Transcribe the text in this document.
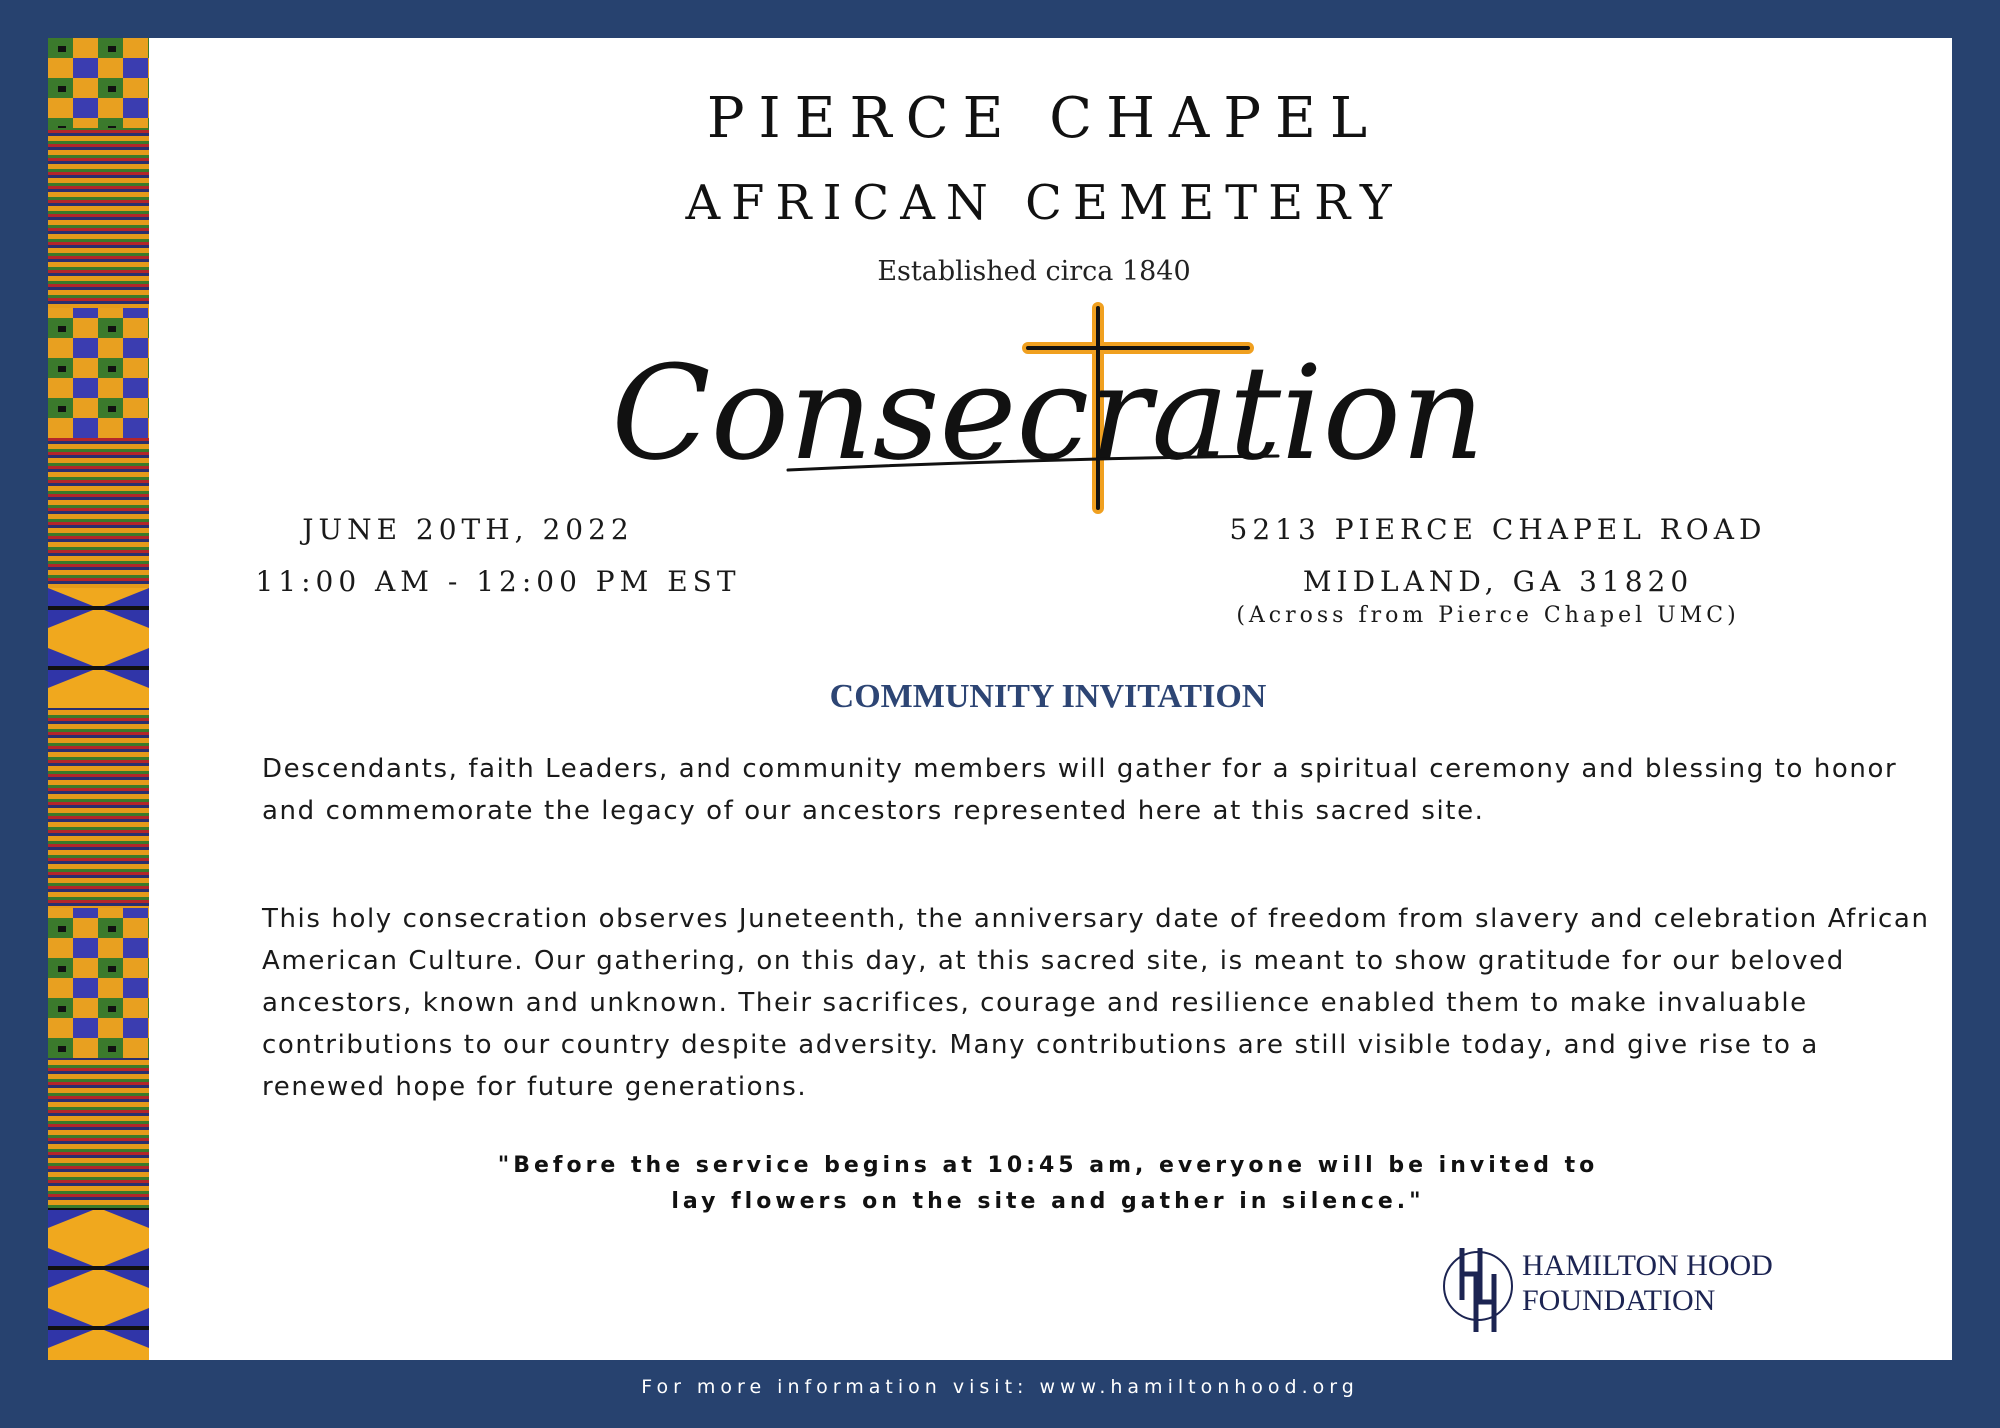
PIERCE CHAPEL
AFRICAN CEMETERY
Established circa 1840
Consecration
JUNE 20TH, 2022
11:00 AM - 12:00 PM EST
5213 PIERCE CHAPEL ROAD
MIDLAND, GA 31820
(Across from Pierce Chapel UMC)
COMMUNITY INVITATION
Descendants, faith Leaders, and community members will gather for a spiritual ceremony and blessing to honor and commemorate the legacy of our ancestors represented here at this sacred site.
This holy consecration observes Juneteenth, the anniversary date of freedom from slavery and celebration African American Culture. Our gathering, on this day, at this sacred site, is meant to show gratitude for our beloved ancestors, known and unknown. Their sacrifices, courage and resilience enabled them to make invaluable contributions to our country despite adversity. Many contributions are still visible today, and give rise to a renewed hope for future generations.
"Before the service begins at 10:45 am, everyone will be invited to lay flowers on the site and gather in silence."
HAMILTON HOOD
FOUNDATION
For more information visit: www.hamiltonhood.org
